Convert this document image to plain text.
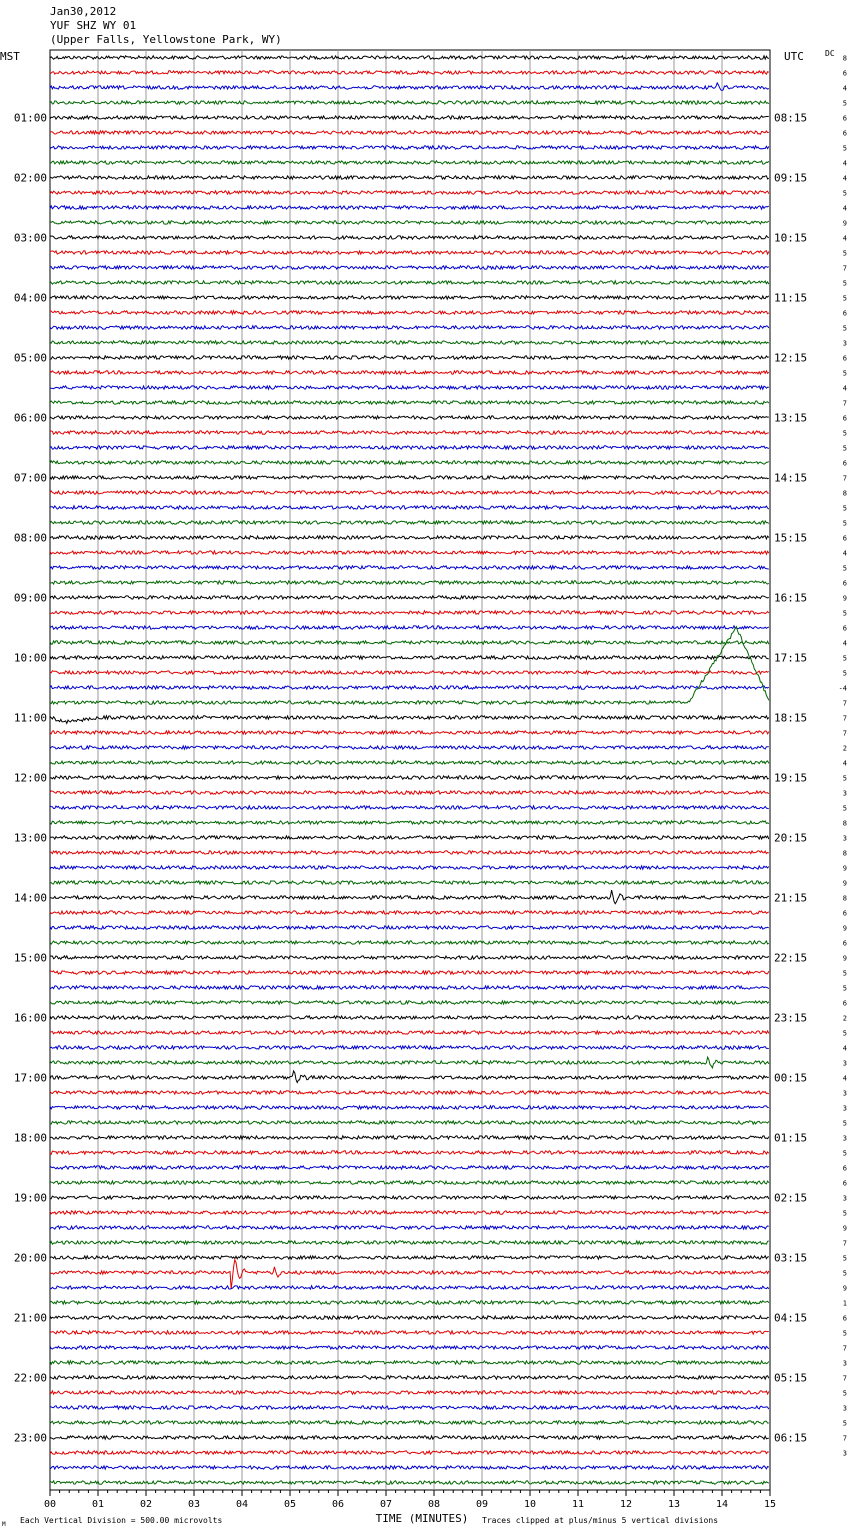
Jan30,2012
YUF SHZ WY 01
(Upper Falls, Yellowstone Park, WY)
00	01	02	03	04	05	06	07	08	09	10	11	12	13	14	15
01:00
02:00
03:00
04:00
05:00
06:00
07:00
08:00
09:00
10:00
11:00
12:00
13:00
14:00
15:00
16:00
17:00
18:00
19:00
20:00
21:00
22:00
23:00
08:15
09:15
10:15
11:15
12:15
13:15
14:15
15:15
16:15
17:15
18:15
19:15
20:15
21:15
22:15
23:15
00:15
01:15
02:15
03:15
04:15
05:15
06:15
MST	UTC	DC
8
6
4
5
6
6
5
4
4
5
4
9
4
5
7
5
5
6
5
3
6
5
4
7
6
5
5
6
7
8
5
5
6
4
5
6
9
5
6
4
5
5
-4
7
7
7
2
4
5
3
5
8
3
8
9
9
8
6
9
6
9
5
5
6
2
5
4
3
4
3
3
5
3
5
6
6
3
5
9
7
5
5
9
1
6
5
7
3
7
5
3
5
7
3
Each Vertical Division = 500.00 microvolts	TIME (MINUTES) Traces clipped at plus/minus 5 vertical divisions
M
